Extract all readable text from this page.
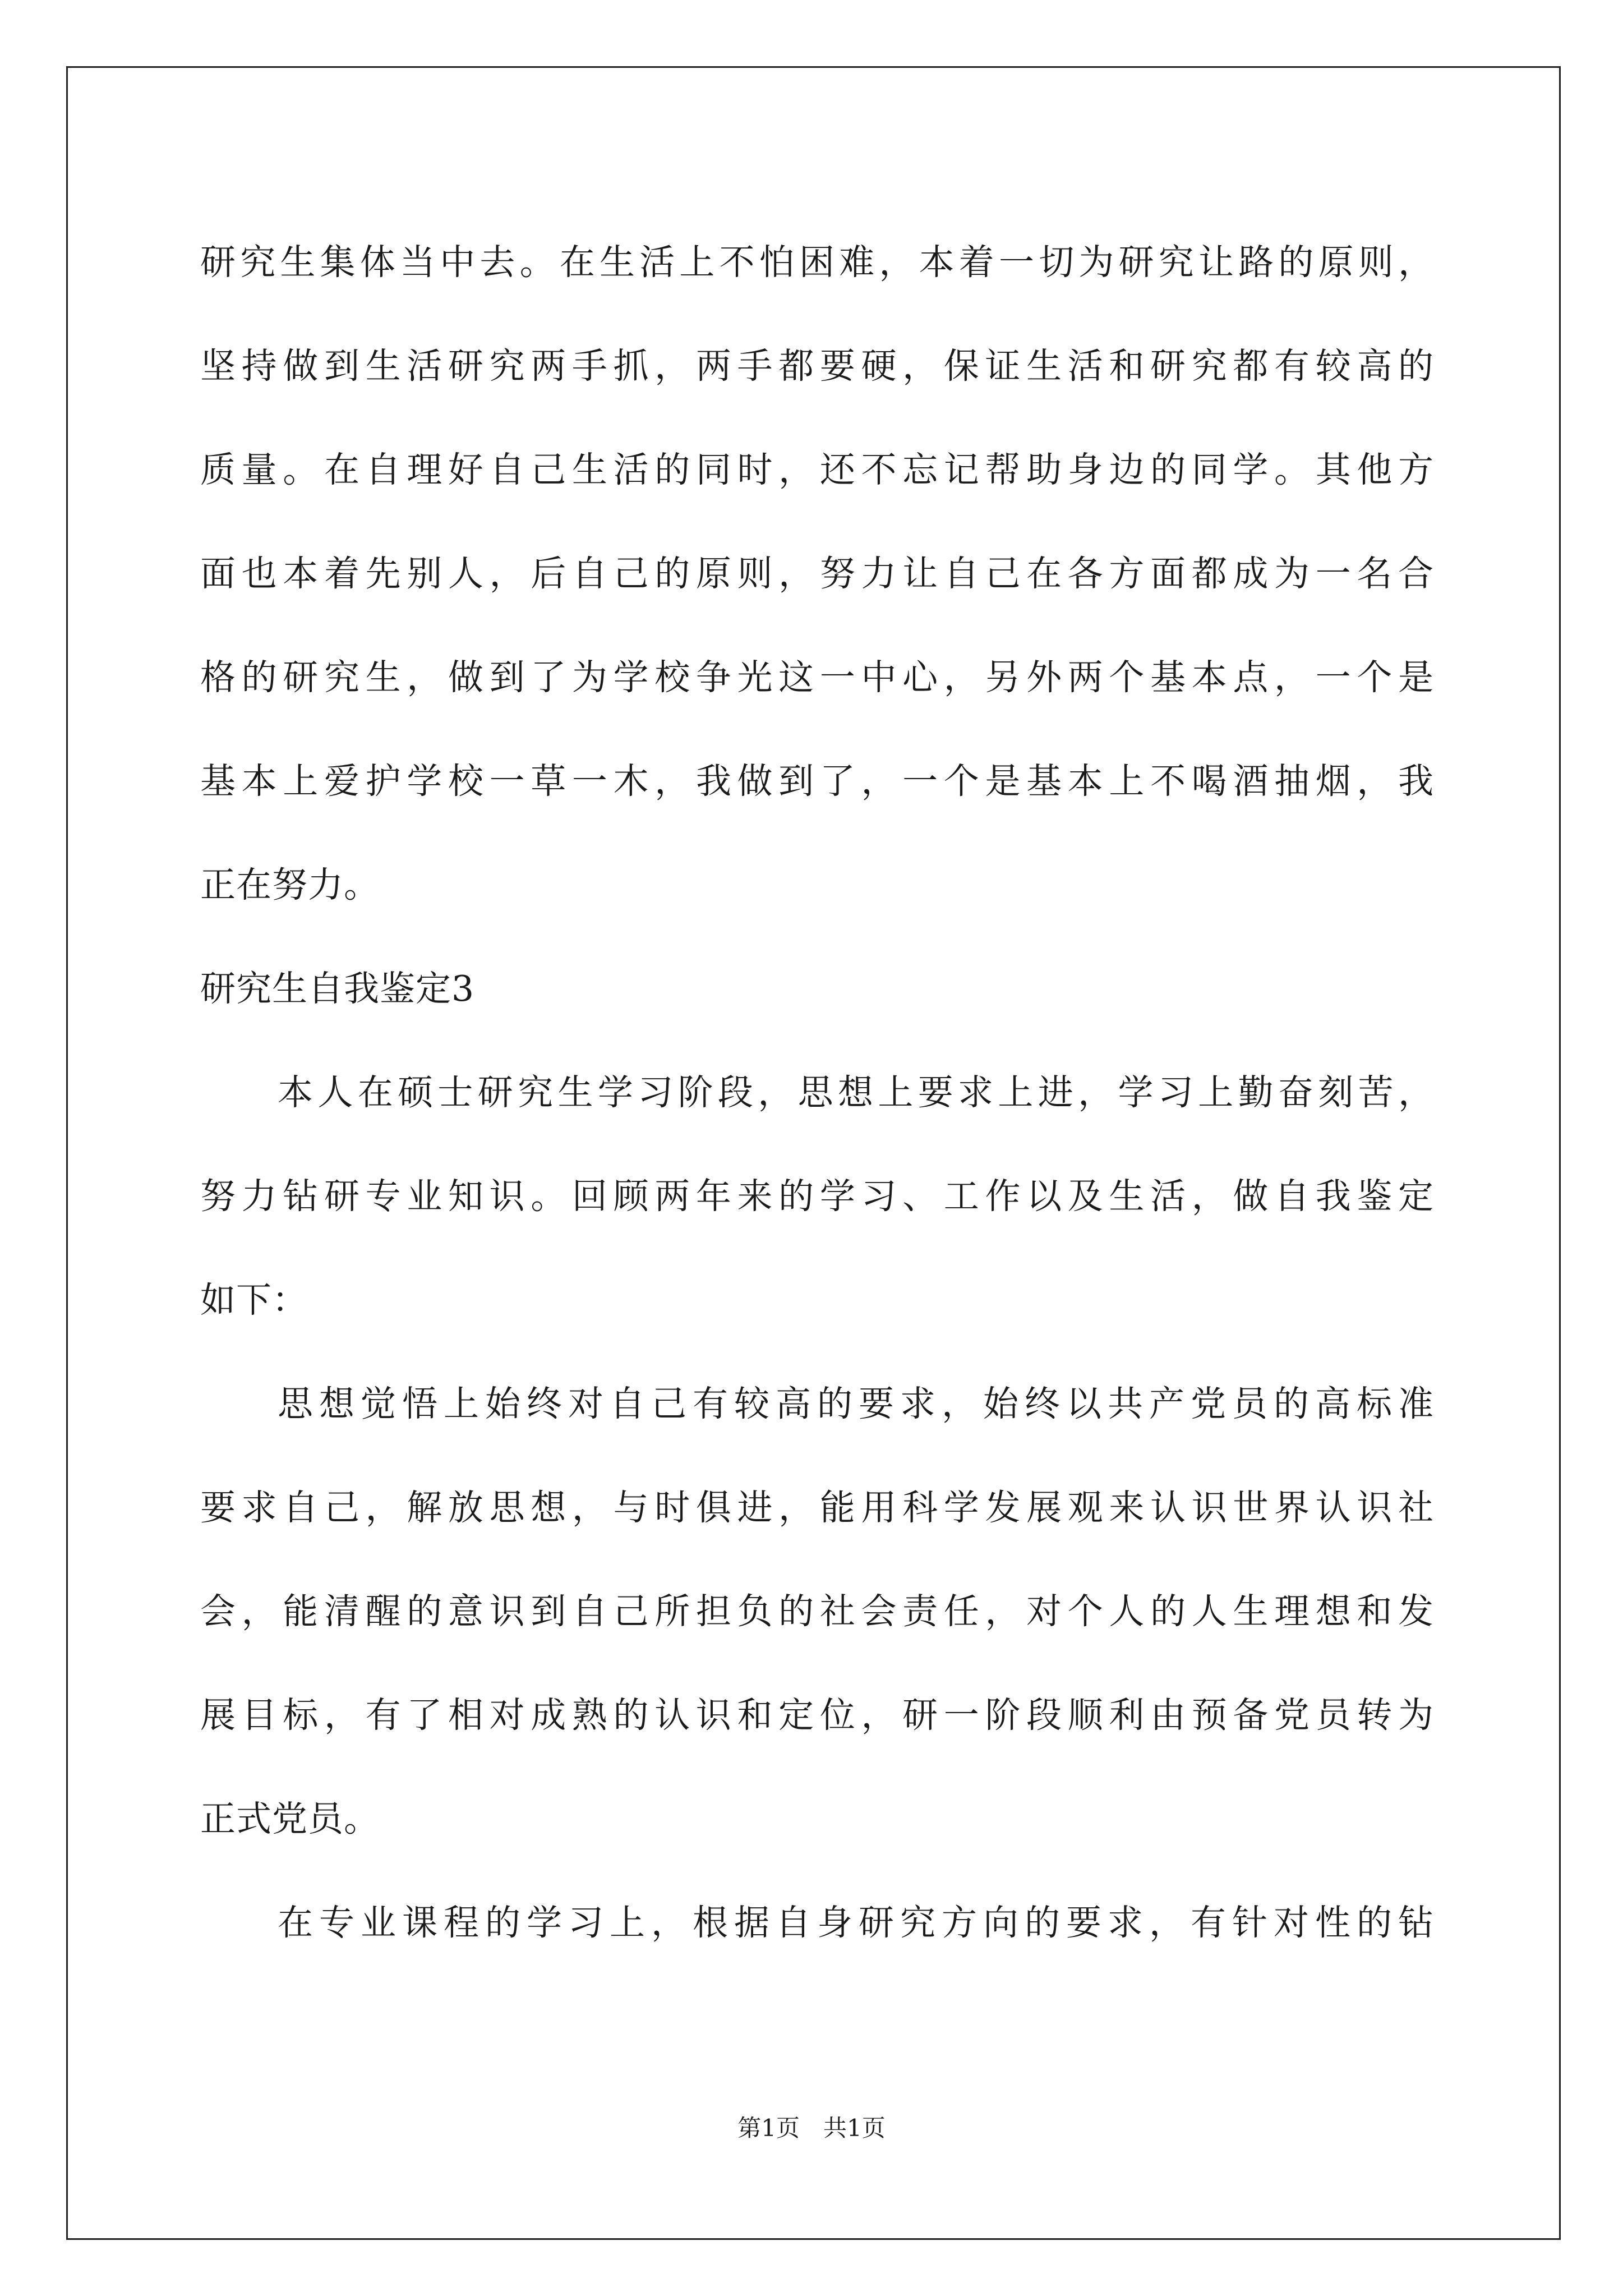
研究生集体当中去。在生活上不怕困难，本着一切为研究让路的原则，
坚持做到生活研究两手抓，两手都要硬，保证生活和研究都有较高的
质量。在自理好自己生活的同时，还不忘记帮助身边的同学。其他方
面也本着先别人，后自己的原则，努力让自己在各方面都成为一名合
格的研究生，做到了为学校争光这一中心，另外两个基本点，一个是
基本上爱护学校一草一木，我做到了，一个是基本上不喝酒抽烟，我
正在努力。
研究生自我鉴定3
本人在硕士研究生学习阶段，思想上要求上进，学习上勤奋刻苦，
努力钻研专业知识。回顾两年来的学习、工作以及生活，做自我鉴定
如下：
思想觉悟上始终对自己有较高的要求，始终以共产党员的高标准
要求自己，解放思想，与时俱进，能用科学发展观来认识世界认识社
会，能清醒的意识到自己所担负的社会责任，对个人的人生理想和发
展目标，有了相对成熟的认识和定位，研一阶段顺利由预备党员转为
正式党员。
在专业课程的学习上，根据自身研究方向的要求，有针对性的钻
第1页　共1页
